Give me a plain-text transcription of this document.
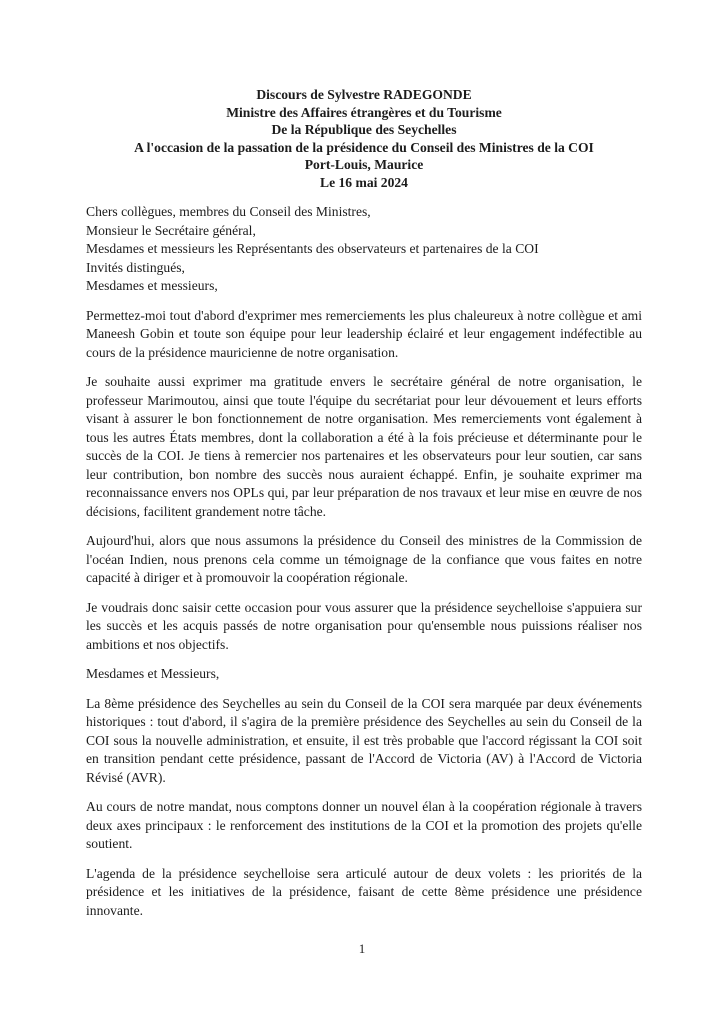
Discours de Sylvestre RADEGONDE
Ministre des Affaires étrangères et du Tourisme
De la République des Seychelles
A l'occasion de la passation de la présidence du Conseil des Ministres de la COI
Port-Louis, Maurice
Le 16 mai 2024
Chers collègues, membres du Conseil des Ministres,
Monsieur le Secrétaire général,
Mesdames et messieurs les Représentants des observateurs et partenaires de la COI
Invités distingués,
Mesdames et messieurs,

Permettez-moi tout d'abord d'exprimer mes remerciements les plus chaleureux à notre collègue et ami Maneesh Gobin et toute son équipe pour leur leadership éclairé et leur engagement indéfectible au cours de la présidence mauricienne de notre organisation.

Je souhaite aussi exprimer ma gratitude envers le secrétaire général de notre organisation, le professeur Marimoutou, ainsi que toute l'équipe du secrétariat pour leur dévouement et leurs efforts visant à assurer le bon fonctionnement de notre organisation. Mes remerciements vont également à tous les autres États membres, dont la collaboration a été à la fois précieuse et déterminante pour le succès de la COI. Je tiens à remercier nos partenaires et les observateurs pour leur soutien, car sans leur contribution, bon nombre des succès nous auraient échappé. Enfin, je souhaite exprimer ma reconnaissance envers nos OPLs qui, par leur préparation de nos travaux et leur mise en œuvre de nos décisions, facilitent grandement notre tâche.

Aujourd'hui, alors que nous assumons la présidence du Conseil des ministres de la Commission de l'océan Indien, nous prenons cela comme un témoignage de la confiance que vous faites en notre capacité à diriger et à promouvoir la coopération régionale.

Je voudrais donc saisir cette occasion pour vous assurer que la présidence seychelloise s'appuiera sur les succès et les acquis passés de notre organisation pour qu'ensemble nous puissions réaliser nos ambitions et nos objectifs.

Mesdames et Messieurs,

La 8ème présidence des Seychelles au sein du Conseil de la COI sera marquée par deux événements historiques : tout d'abord, il s'agira de la première présidence des Seychelles au sein du Conseil de la COI sous la nouvelle administration, et ensuite, il est très probable que l'accord régissant la COI soit en transition pendant cette présidence, passant de l'Accord de Victoria (AV) à l'Accord de Victoria Révisé (AVR).

Au cours de notre mandat, nous comptons donner un nouvel élan à la coopération régionale à travers deux axes principaux : le renforcement des institutions de la COI et la promotion des projets qu'elle soutient.

L'agenda de la présidence seychelloise sera articulé autour de deux volets : les priorités de la présidence et les initiatives de la présidence, faisant de cette 8ème présidence une présidence innovante.

1
